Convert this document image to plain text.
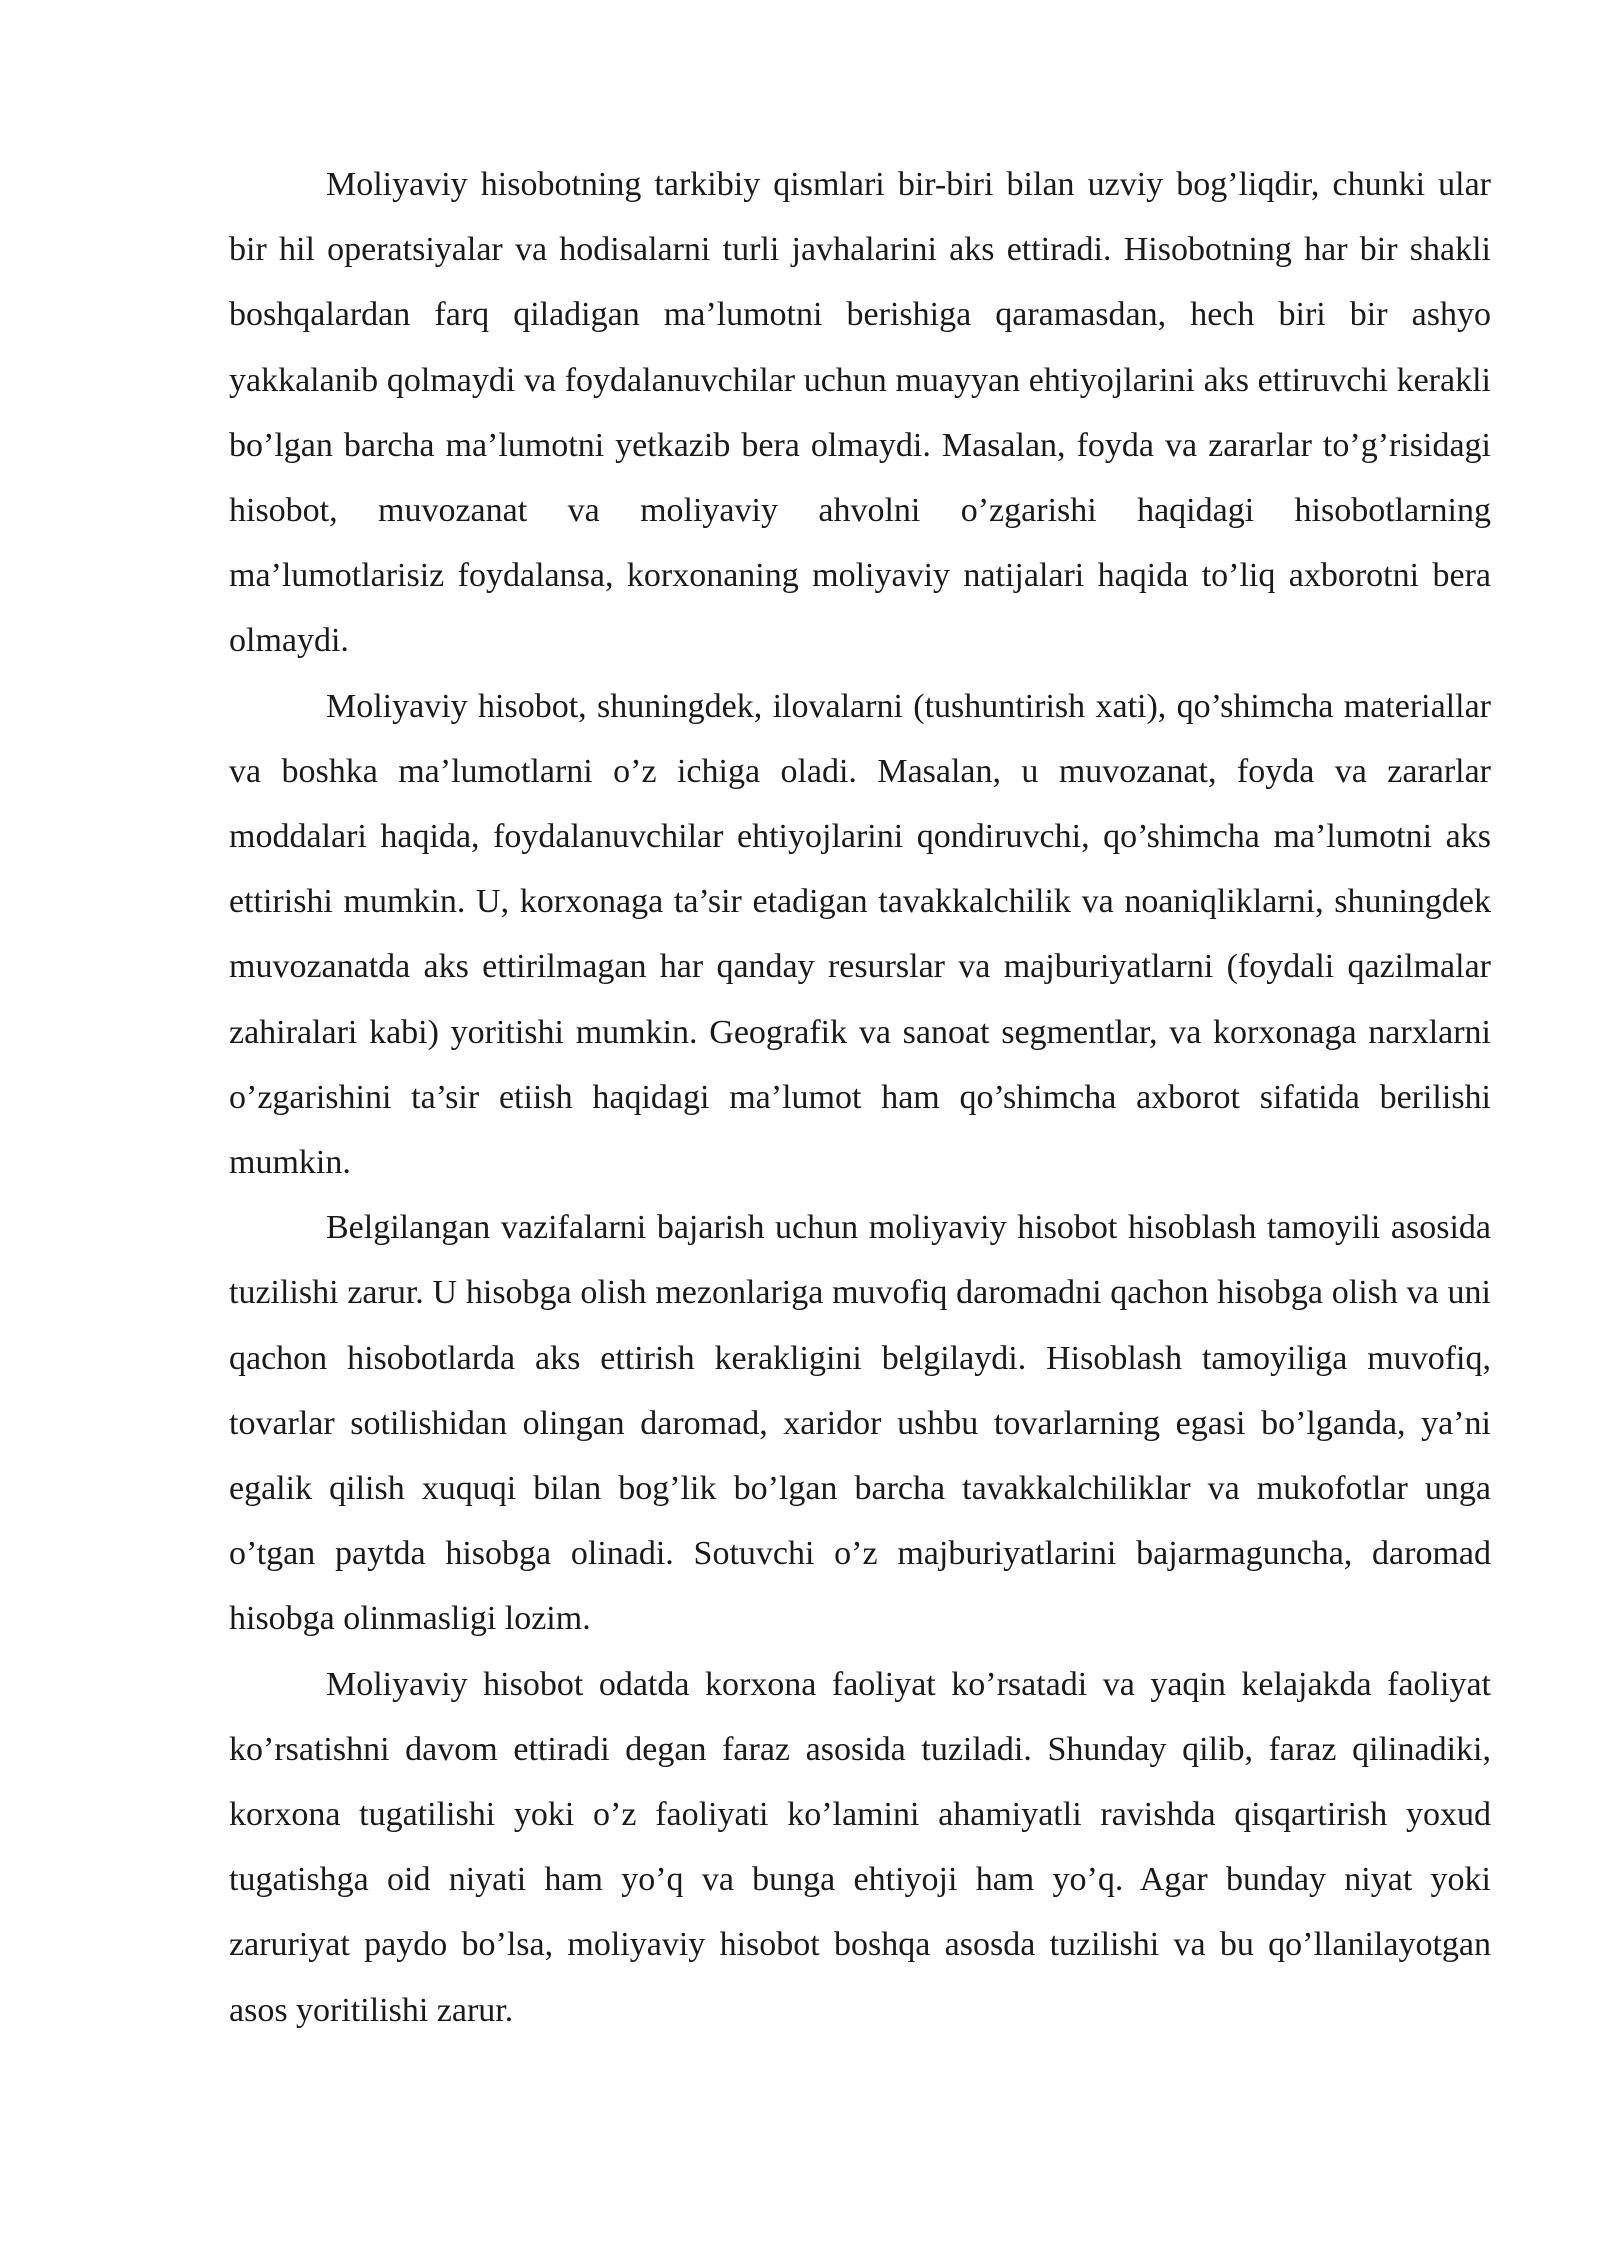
Moliyaviy hisobotning tarkibiy qismlari bir-biri bilan uzviy bog’liqdir, chunki ular bir hil operatsiyalar va hodisalarni turli javhalarini aks ettiradi. Hisobotning har bir shakli boshqalardan farq qiladigan ma’lumotni berishiga qaramasdan, hech biri bir ashyo yakkalanib qolmaydi va foydalanuvchilar uchun muayyan ehtiyojlarini aks ettiruvchi kerakli bo’lgan barcha ma’lumotni yetkazib bera olmaydi. Masalan, foyda va zararlar to’g’risidagi hisobot, muvozanat va moliyaviy ahvolni o’zgarishi haqidagi hisobotlarning ma’lumotlarisiz foydalansa, korxonaning moliyaviy natijalari haqida to’liq axborotni bera olmaydi.

Moliyaviy hisobot, shuningdek, ilovalarni (tushuntirish xati), qo’shimcha materiallar va boshka ma’lumotlarni o’z ichiga oladi. Masalan, u muvozanat, foyda va zararlar moddalari haqida, foydalanuvchilar ehtiyojlarini qondiruvchi, qo’shimcha ma’lumotni aks ettirishi mumkin. U, korxonaga ta’sir etadigan tavakkalchilik va noaniqliklarni, shuningdek muvozanatda aks ettirilmagan har qanday resurslar va majburiyatlarni (foydali qazilmalar zahiralari kabi) yoritishi mumkin. Geografik va sanoat segmentlar, va korxonaga narxlarni o’zgarishini ta’sir etiish haqidagi ma’lumot ham qo’shimcha axborot sifatida berilishi mumkin.

Belgilangan vazifalarni bajarish uchun moliyaviy hisobot hisoblash tamoyili asosida tuzilishi zarur. U hisobga olish mezonlariga muvofiq daromadni qachon hisobga olish va uni qachon hisobotlarda aks ettirish kerakligini belgilaydi. Hisoblash tamoyiliga muvofiq, tovarlar sotilishidan olingan daromad, xaridor ushbu tovarlarning egasi bo’lganda, ya’ni egalik qilish xuquqi bilan bog’lik bo’lgan barcha tavakkalchiliklar va mukofotlar unga o’tgan paytda hisobga olinadi. Sotuvchi o’z majburiyatlarini bajarmaguncha, daromad hisobga olinmasligi lozim.

Moliyaviy hisobot odatda korxona faoliyat ko’rsatadi va yaqin kelajakda faoliyat ko’rsatishni davom ettiradi degan faraz asosida tuziladi. Shunday qilib, faraz qilinadiki, korxona tugatilishi yoki o’z faoliyati ko’lamini ahamiyatli ravishda qisqartirish yoxud tugatishga oid niyati ham yo’q va bunga ehtiyoji ham yo’q. Agar bunday niyat yoki zaruriyat paydo bo’lsa, moliyaviy hisobot boshqa asosda tuzilishi va bu qo’llanilayotgan asos yoritilishi zarur.
